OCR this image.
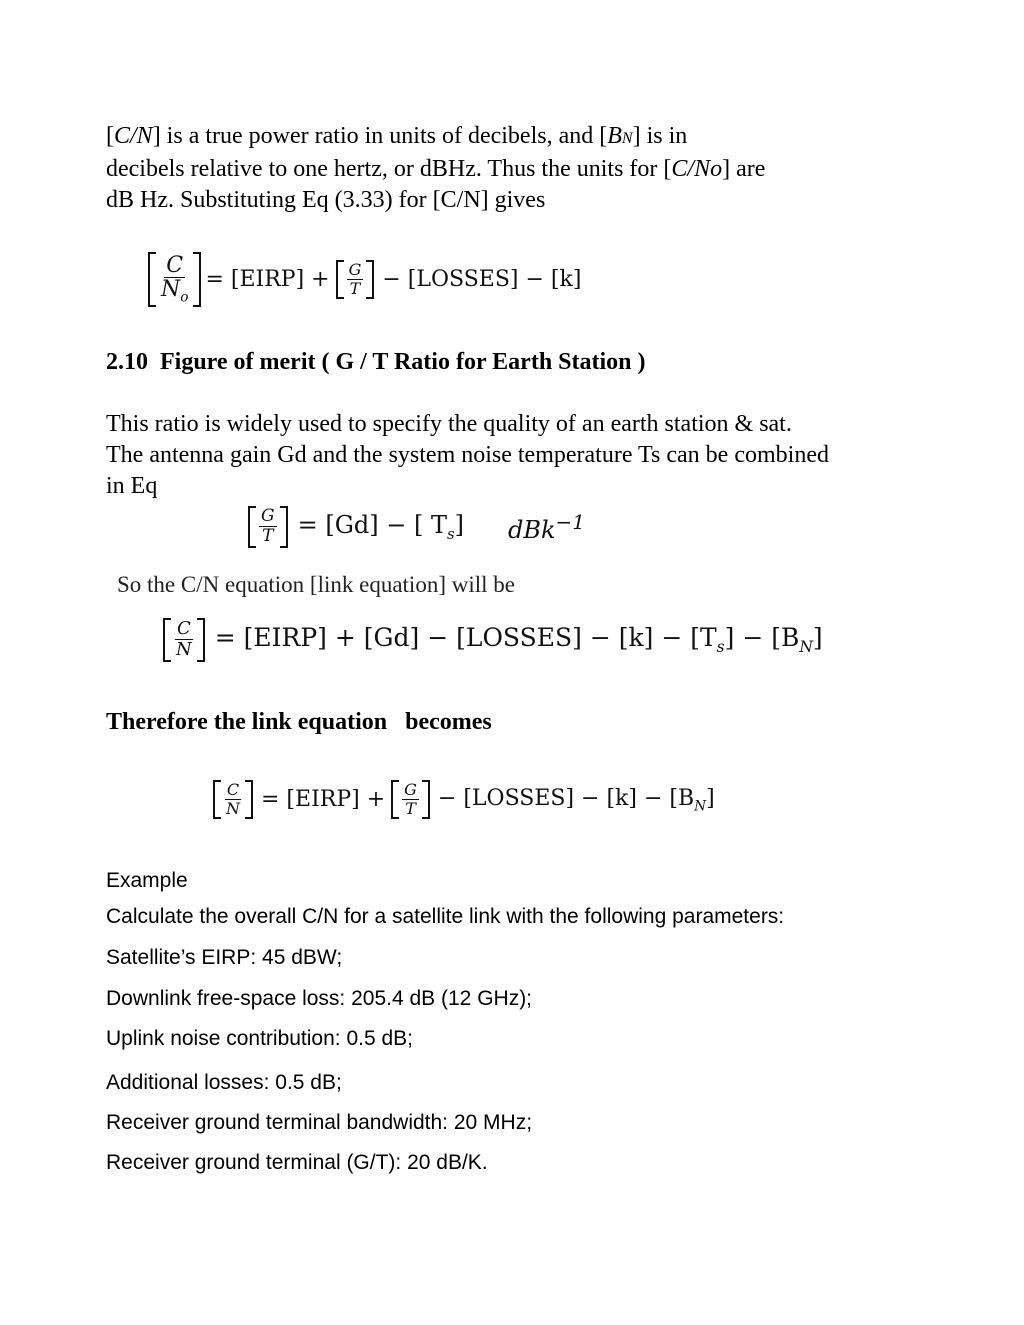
[C/N] is a true power ratio in units of decibels, and [BN] is in
decibels relative to one hertz, or dBHz. Thus the units for [C/No] are
dB Hz. Substituting Eq (3.33) for [C/N] gives
$\frac{C}{N_o}$ = [EIRP] + $\frac{G}{T}$ − [LOSSES] − [k]
2.10  Figure of merit ( G / T Ratio for Earth Station )
This ratio is widely used to specify the quality of an earth station & sat.
The antenna gain Gd and the system noise temperature Ts can be combined
in Eq
$\frac{G}{T} = [Gd]$ − [ $T_s$] dBk$^{-1}$
So the C/N equation [link equation] will be
$\frac{C}{N}$ = [EIRP] + [Gd] − [LOSSES] − $[k] - [T_s] - [B_N]$
Therefore the link equation   becomes
$\frac{C}{N}$ = [EIRP] + $\frac{G}{T}$ − [LOSSES] − $[k] - [B_N]$
Example
Calculate the overall C/N for a satellite link with the following parameters:
Satellite’s EIRP: 45 dBW;
Downlink free-space loss: 205.4 dB (12 GHz);
Uplink noise contribution: 0.5 dB;
Additional losses: 0.5 dB;
Receiver ground terminal bandwidth: 20 MHz;
Receiver ground terminal (G/T): 20 dB/K.
